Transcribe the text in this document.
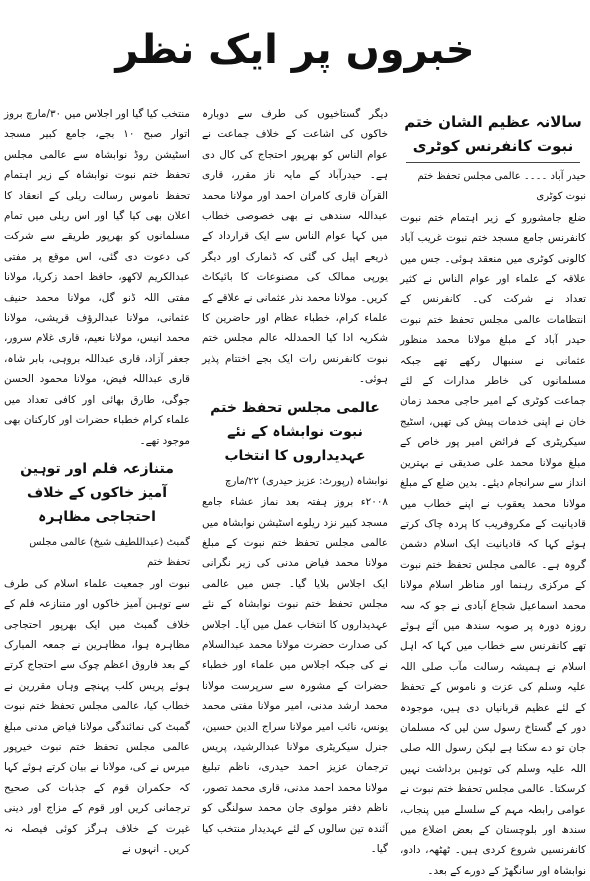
خبروں پر ایک نظر
سالانہ عظیم الشان ختم نبوت کانفرنس کوٹری

حیدر آباد ۔۔۔۔ عالمی مجلس تحفظ ختم نبوت کوٹری

ضلع جامشورو کے زیر اہتمام ختم نبوت کانفرنس جامع مسجد ختم نبوت غریب آباد کالونی کوٹری میں منعقد ہوئی۔ جس میں علاقہ کے علماء اور عوام الناس نے کثیر تعداد نے شرکت کی۔ کانفرنس کے انتظامات عالمی مجلس تحفظ ختم نبوت حیدر آباد کے مبلغ مولانا محمد منظور عثمانی نے سنبھال رکھے تھے جبکہ مسلمانوں کی خاطر مدارات کے لئے جماعت کوٹری کے امیر حاجی محمد زمان خان نے اپنی خدمات پیش کی تھیں، اسٹیج سیکریٹری کے فرائض امیر پور خاص کے مبلغ مولانا محمد علی صدیقی نے بہترین انداز سے سرانجام دیئے۔ بدین ضلع کے مبلغ مولانا محمد یعقوب نے اپنے خطاب میں قادیانیت کے مکروفریب کا پردہ چاک کرتے ہوئے کہا کہ قادیانیت ایک اسلام دشمن گروہ ہے۔ عالمی مجلس تحفظ ختم نبوت کے مرکزی رہنما اور مناظر اسلام مولانا محمد اسماعیل شجاع آبادی نے جو کہ سہ روزہ دورہ پر صوبہ سندھ میں آئے ہوئے تھے کانفرنس سے خطاب میں کہا کہ اہل اسلام نے ہمیشہ رسالت مآب صلی اللہ علیہ وسلم کی عزت و ناموس کے تحفظ کے لئے عظیم قربانیاں دی ہیں، موجودہ دور کے گستاخ رسول سن لیں کہ مسلمان جان تو دے سکتا ہے لیکن رسول اللہ صلی اللہ علیہ وسلم کی توہین برداشت نہیں کرسکتا۔ عالمی مجلس تحفظ ختم نبوت نے عوامی رابطہ مہم کے سلسلے میں پنجاب، سندھ اور بلوچستان کے بعض اضلاع میں کانفرنسیں شروع کردی ہیں۔ ٹھٹھہ، دادو، نوابشاہ اور سانگھڑ کے دورے کے بعد۔

دیگر گستاخیوں کی طرف سے دوبارہ خاکوں کی اشاعت کے خلاف جماعت نے عوام الناس کو بھرپور احتجاج کی کال دی ہے۔ حیدرآباد کے مایہ ناز مقرر، قاری القرآن قاری کامران احمد اور مولانا محمد عبداللہ سندھی نے بھی خصوصی خطاب میں کہا عوام الناس سے ایک قرارداد کے ذریعے اپیل کی گئی کہ ڈنمارک اور دیگر یورپی ممالک کی مصنوعات کا بائیکاٹ کریں۔ مولانا محمد نذر عثمانی نے علاقے کے علماء کرام، خطباء عظام اور حاضرین کا شکریہ ادا کیا الحمدللہ عالم مجلس ختم نبوت کانفرنس رات ایک بجے اختتام پذیر ہوئی۔

عالمی مجلس تحفظ ختم نبوت نوابشاہ کے نئے عہدیداروں کا انتخاب

نوابشاہ (رپورٹ: عزیز حیدری) ۲۲/مارچ

۲۰۰۸ء بروز ہفتہ بعد نماز عشاء جامع مسجد کبیر نزد ریلوے اسٹیشن نوابشاہ میں عالمی مجلس تحفظ ختم نبوت کے مبلغ مولانا محمد فیاض مدنی کی زیر نگرانی ایک اجلاس بلایا گیا۔ جس میں عالمی مجلس تحفظ ختم نبوت نوابشاہ کے نئے عہدیداروں کا انتخاب عمل میں آیا۔ اجلاس کی صدارت حضرت مولانا محمد عبدالسلام نے کی جبکہ اجلاس میں علماء اور خطباء حضرات کے مشورہ سے سرپرست مولانا محمد ارشد مدنی، امیر مولانا مفتی محمد یونس، نائب امیر مولانا سراج الدین حسین، جنرل سیکریٹری مولانا عبدالرشید، پریس ترجمان عزیز احمد حیدری، ناظم تبلیغ مولانا محمد احمد مدنی، قاری محمد تصور، ناظم دفتر مولوی جان محمد سولنگی کو آئندہ تین سالوں کے لئے عہدیدار منتخب کیا گیا۔

منتخب کیا گیا اور اجلاس میں ۳۰/مارچ بروز اتوار صبح ۱۰ بجے، جامع کبیر مسجد اسٹیشن روڈ نوابشاہ سے عالمی مجلس تحفظ ختم نبوت نوابشاہ کے زیر اہتمام تحفظ ناموس رسالت ریلی کے انعقاد کا اعلان بھی کیا گیا اور اس ریلی میں تمام مسلمانوں کو بھرپور طریقے سے شرکت کی دعوت دی گئی، اس موقع پر مفتی عبدالکریم لاکھو، حافظ احمد زکریا، مولانا مفتی اللہ ڈنو گل، مولانا محمد حنیف عثمانی، مولانا عبدالرؤف قریشی، مولانا محمد انیس، مولانا نعیم، قاری غلام سرور، جعفر آزاد، قاری عبداللہ بروہی، بابر شاہ، قاری عبداللہ فیض، مولانا محمود الحسن جوگی، طارق بھائی اور کافی تعداد میں علماء کرام خطباء حضرات اور کارکنان بھی موجود تھے۔

متنازعہ فلم اور توہین آمیز خاکوں کے خلاف احتجاجی مظاہرہ

گمبٹ (عبداللطیف شیخ) عالمی مجلس تحفظ ختم

نبوت اور جمعیت علماء اسلام کی طرف سے توہین آمیز خاکوں اور متنازعہ فلم کے خلاف گمبٹ میں ایک بھرپور احتجاجی مظاہرہ ہوا، مظاہرین نے جمعہ المبارک کے بعد فاروق اعظم چوک سے احتجاج کرتے ہوئے پریس کلب پہنچے وہاں مقررین نے خطاب کیا، عالمی مجلس تحفظ ختم نبوت گمبٹ کی نمائندگی مولانا فیاض مدنی مبلغ عالمی مجلس تحفظ ختم نبوت خیرپور میرس نے کی، مولانا نے بیان کرتے ہوئے کہا کہ حکمران قوم کے جذبات کی صحیح ترجمانی کریں اور قوم کے مزاج اور دینی غیرت کے خلاف ہرگز کوئی فیصلہ نہ کریں۔ انہوں نے
